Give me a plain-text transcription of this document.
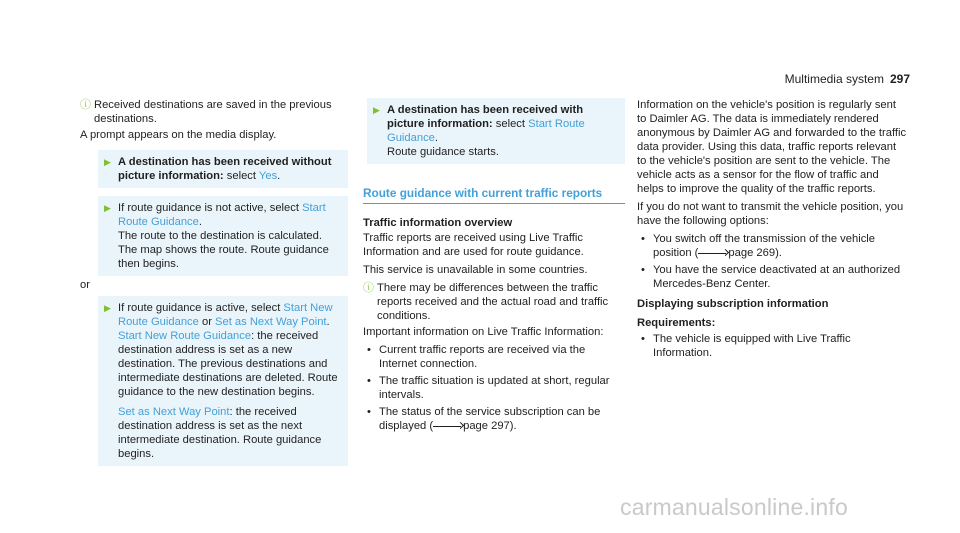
Multimedia system 297
ⓘ Received destinations are saved in the previous destinations.

A prompt appears on the media display.

▶ A destination has been received without picture information: select Yes.
▶ If route guidance is not active, select Start Route Guidance.
The route to the destination is calculated. The map shows the route. Route guidance then begins.

or

▶ If route guidance is active, select Start New Route Guidance or Set as Next Way Point.
Start New Route Guidance: the received destination address is set as a new destination. The previous destinations and intermediate destinations are deleted. Route guidance to the new destination begins.
Set as Next Way Point: the received destination address is set as the next intermediate destination. Route guidance begins.
▶ A destination has been received with picture information: select Start Route Guidance.
Route guidance starts.
Route guidance with current traffic reports
Traffic information overview

Traffic reports are received using Live Traffic Information and are used for route guidance.

This service is unavailable in some countries.

ⓘ There may be differences between the traffic reports received and the actual road and traffic conditions.

Important information on Live Traffic Information:

• Current traffic reports are received via the Internet connection.
• The traffic situation is updated at short, regular intervals.
• The status of the service subscription can be displayed (	page 297).

Information on the vehicle's position is regularly sent to Daimler AG. The data is immediately rendered anonymous by Daimler AG and forwarded to the traffic data provider. Using this data, traffic reports relevant to the vehicle's position are sent to the vehicle. The vehicle acts as a sensor for the flow of traffic and helps to improve the quality of the traffic reports.

If you do not want to transmit the vehicle position, you have the following options:

• You switch off the transmission of the vehicle position (	page 269).
• You have the service deactivated at an authorized Mercedes-Benz Center.
Displaying subscription information
Requirements:
• The vehicle is equipped with Live Traffic Information.
carmanualsonline.info
